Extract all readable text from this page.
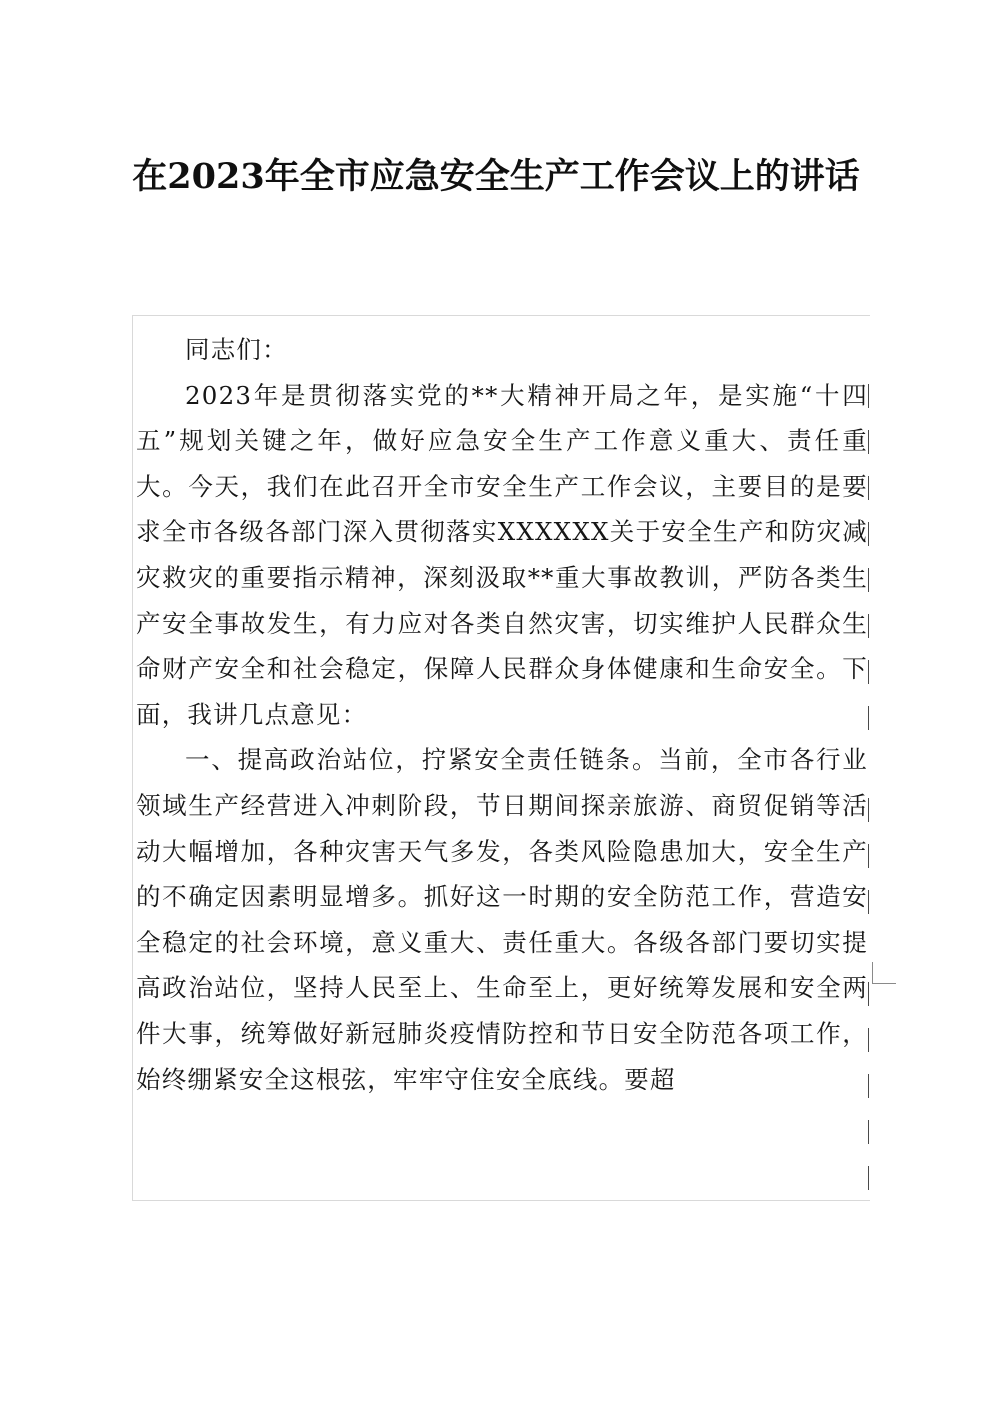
在2023年全市应急安全生产工作会议上的讲话

同志们：

2023年是贯彻落实党的**大精神开局之年，是实施“十四五”规划关键之年，做好应急安全生产工作意义重大、责任重大。今天，我们在此召开全市安全生产工作会议，主要目的是要求全市各级各部门深入贯彻落实XXXXXX关于安全生产和防灾减灾救灾的重要指示精神，深刻汲取**重大事故教训，严防各类生产安全事故发生，有力应对各类自然灾害，切实维护人民群众生命财产安全和社会稳定，保障人民群众身体健康和生命安全。下面，我讲几点意见：

一、提高政治站位，拧紧安全责任链条。当前，全市各行业领域生产经营进入冲刺阶段，节日期间探亲旅游、商贸促销等活动大幅增加，各种灾害天气多发，各类风险隐患加大，安全生产的不确定因素明显增多。抓好这一时期的安全防范工作，营造安全稳定的社会环境，意义重大、责任重大。各级各部门要切实提高政治站位，坚持人民至上、生命至上，更好统筹发展和安全两件大事，统筹做好新冠肺炎疫情防控和节日安全防范各项工作，始终绷紧安全这根弦，牢牢守住安全底线。要超
